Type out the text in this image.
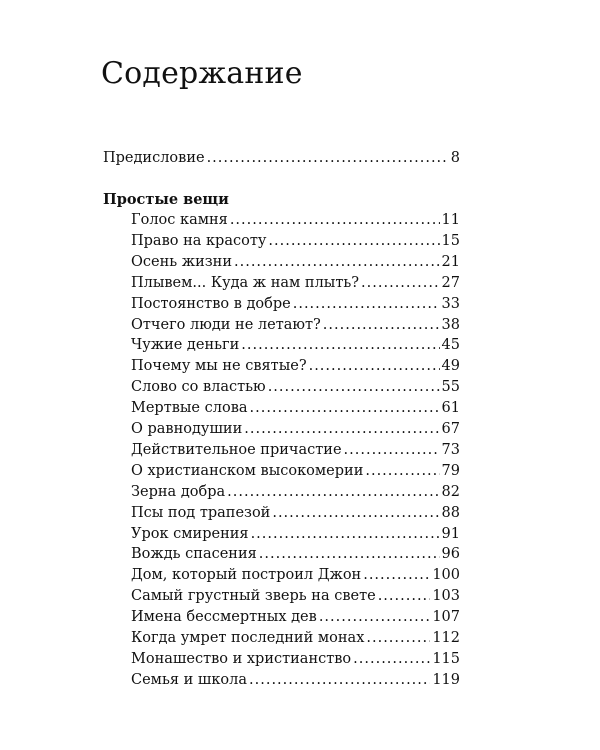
Содержание
Предисловие .....	8
Простые вещи
Голос камня .....	11
Право на красоту .....	15
Осень жизни .....	21
Плывем... Куда ж нам плыть? .....	27
Постоянство в добре .....	33
Отчего люди не летают? .....	38
Чужие деньги .....	45
Почему мы не святые? .....	49
Слово со властью .....	55
Мертвые слова .....	61
О равнодушии .....	67
Действительное причастие .....	73
О христианском высокомерии .....	79
Зерна добра .....	82
Псы под трапезой .....	88
Урок смирения .....	91
Вождь спасения .....	96
Дом, который построил Джон .....	100
Самый грустный зверь на свете .....	103
Имена бессмертных дев .....	107
Когда умрет последний монах .....	112
Монашество и христианство .....	115
Семья и школа .....	119
